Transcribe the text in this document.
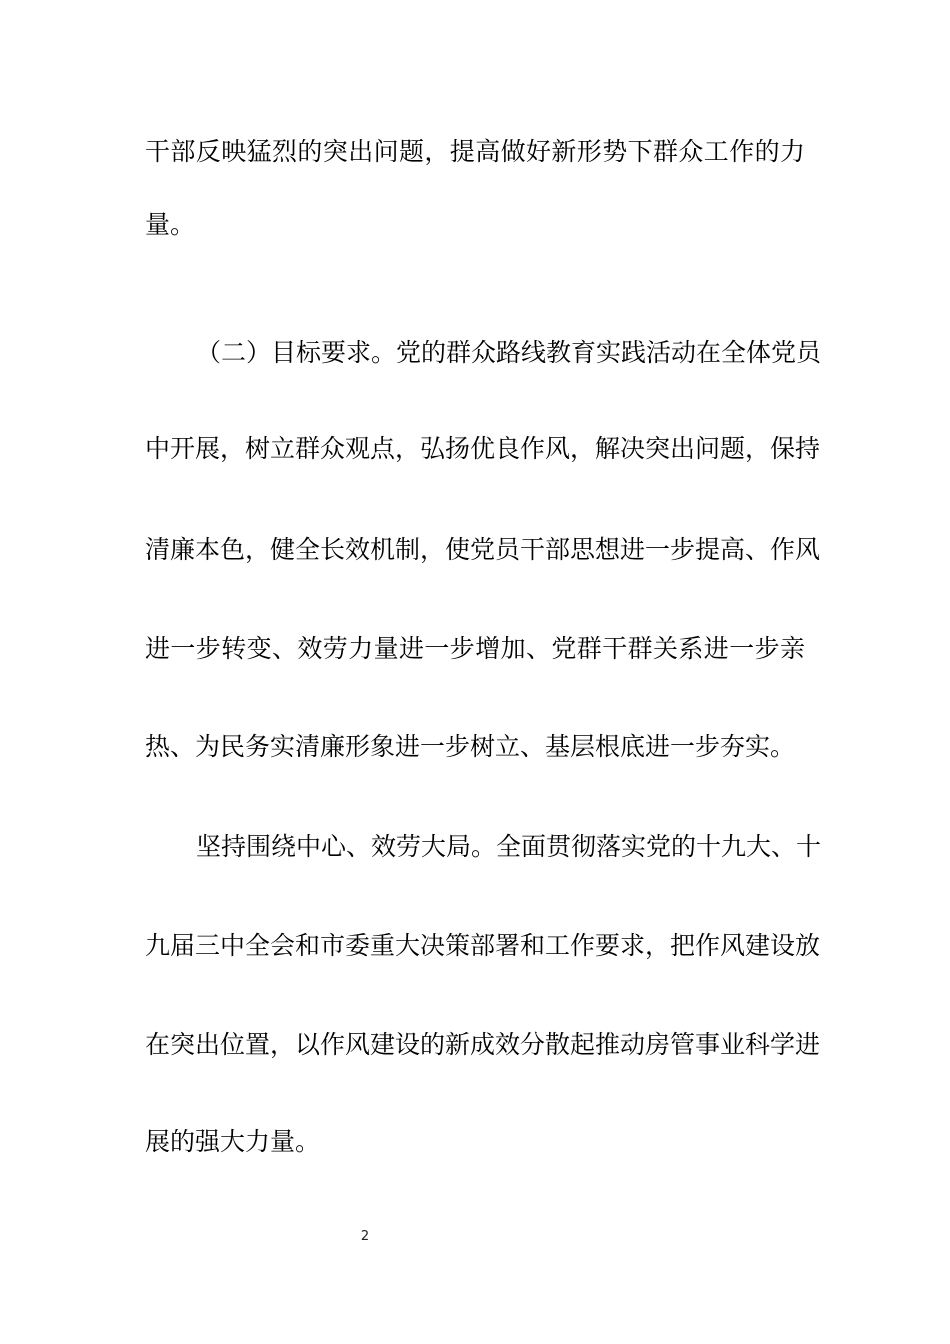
干部反映猛烈的突出问题，提高做好新形势下群众工作的力
量。
（二）目标要求。党的群众路线教育实践活动在全体党员
中开展，树立群众观点，弘扬优良作风，解决突出问题，保持
清廉本色，健全长效机制，使党员干部思想进一步提高、作风
进一步转变、效劳力量进一步增加、党群干群关系进一步亲
热、为民务实清廉形象进一步树立、基层根底进一步夯实。
坚持围绕中心、效劳大局。全面贯彻落实党的十九大、十
九届三中全会和市委重大决策部署和工作要求，把作风建设放
在突出位置，以作风建设的新成效分散起推动房管事业科学进
展的强大力量。
2
